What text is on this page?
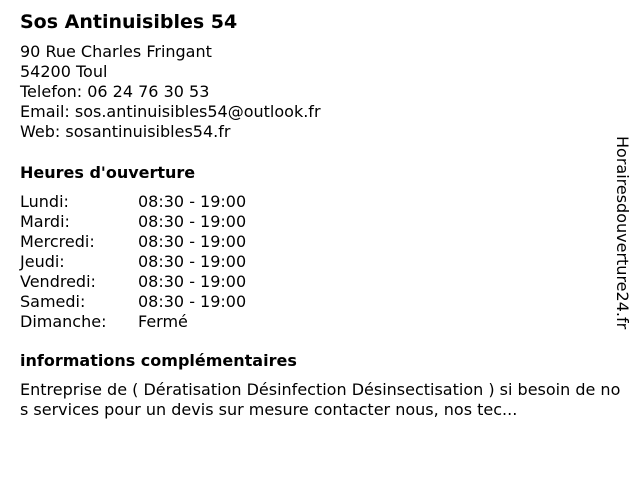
Sos Antinuisibles 54
90 Rue Charles Fringant
54200 Toul
Telefon: 06 24 76 30 53
Email: sos.antinuisibles54@outlook.fr
Web: sosantinuisibles54.fr
Heures d'ouverture
Lundi:	08:30 - 19:00
Mardi:	08:30 - 19:00
Mercredi:	08:30 - 19:00
Jeudi:	08:30 - 19:00
Vendredi:	08:30 - 19:00
Samedi:	08:30 - 19:00
Dimanche:	Fermé
informations complémentaires
Entreprise de ( Dératisation Désinfection Désinsectisation ) si besoin de nos services pour un devis sur mesure contacter nous, nos tec...
Horairesdouverture24.fr
